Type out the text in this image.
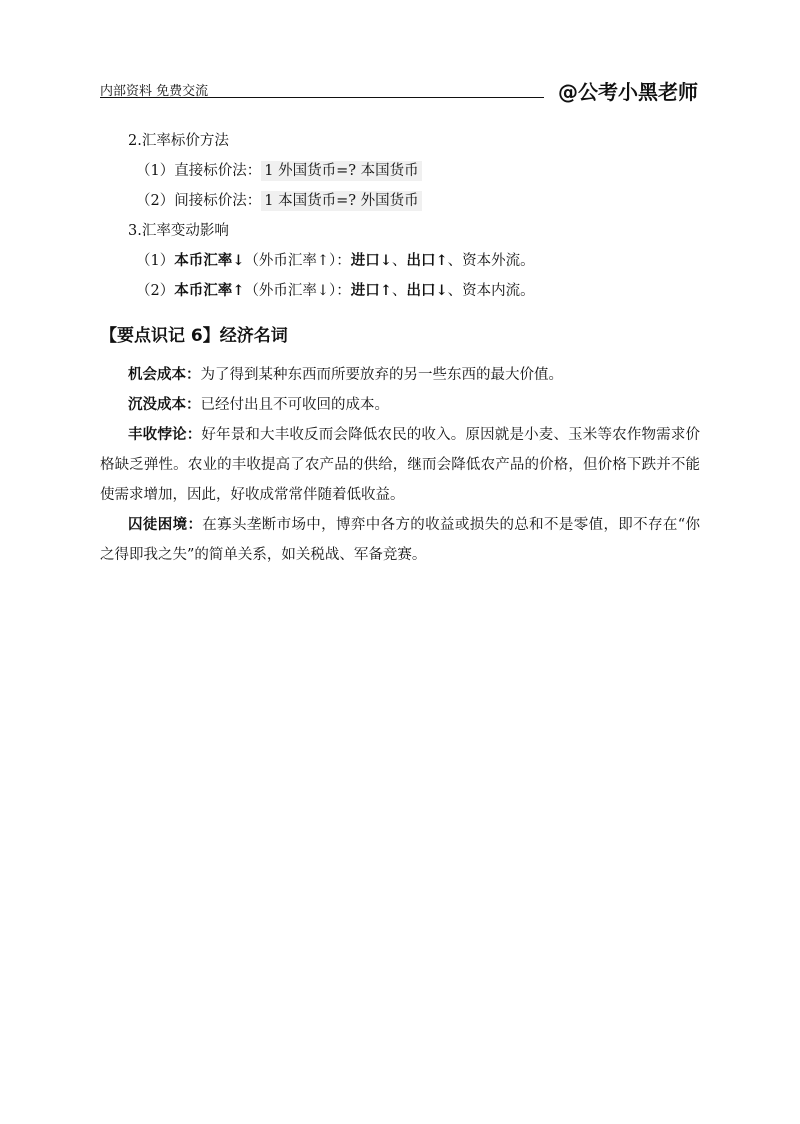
内部资料 免费交流	@公考小黑老师
2.汇率标价方法
（1）直接标价法： 1 外国货币=? 本国货币
（2）间接标价法： 1 本国货币=? 外国货币
3.汇率变动影响
（1）本币汇率↓（外币汇率↑）：进口↓、出口↑、资本外流。
（2）本币汇率↑（外币汇率↓）：进口↑、出口↓、资本内流。
【要点识记 6】经济名词
机会成本：为了得到某种东西而所要放弃的另一些东西的最大价值。
沉没成本：已经付出且不可收回的成本。
丰收悖论：好年景和大丰收反而会降低农民的收入。原因就是小麦、玉米等农作物需求价格缺乏弹性。农业的丰收提高了农产品的供给，继而会降低农产品的价格，但价格下跌并不能使需求增加，因此，好收成常常伴随着低收益。
囚徒困境：在寡头垄断市场中，博弈中各方的收益或损失的总和不是零值，即不存在“你之得即我之失”的简单关系，如关税战、军备竞赛。
